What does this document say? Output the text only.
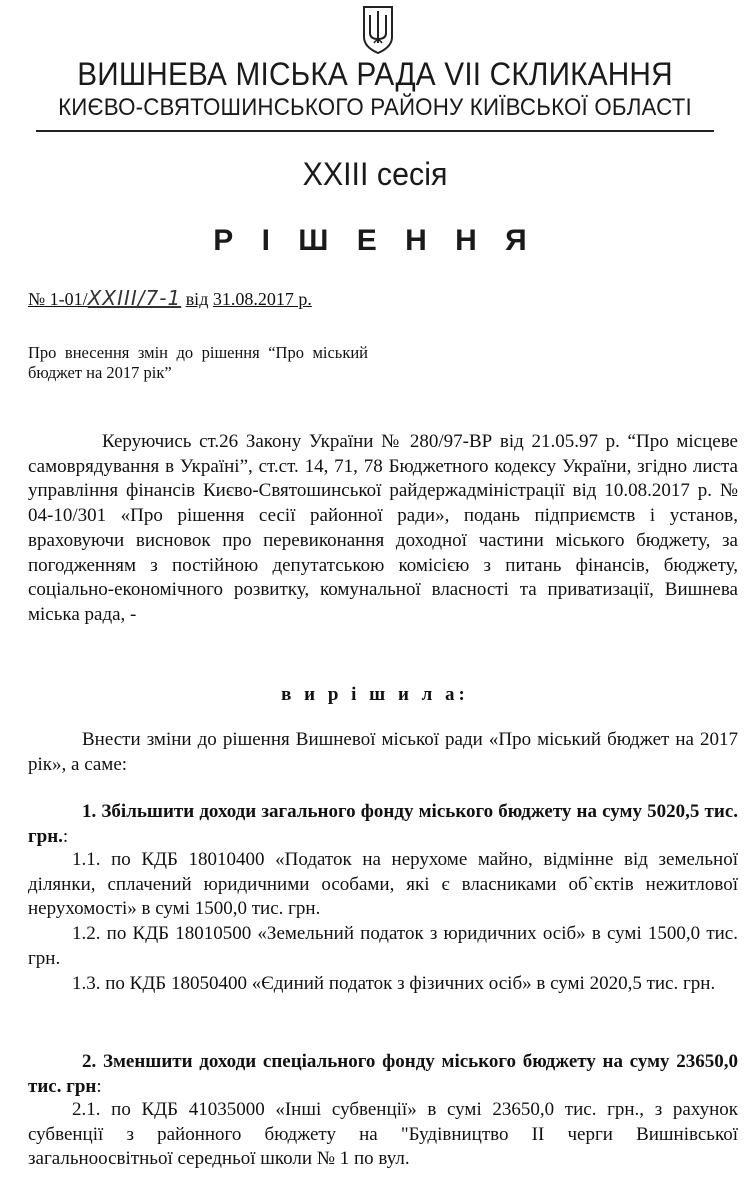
ВИШНЕВА МІСЬКА РАДА VII СКЛИКАННЯ
КИЄВО-СВЯТОШИНСЬКОГО РАЙОНУ КИЇВСЬКОЇ ОБЛАСТІ
XXIII сесія
Р І Ш Е Н Н Я
№ 1-01/XXIII/7-1 від 31.08.2017 р.
Про внесення змін до рішення “Про міський бюджет на 2017 рік”
Керуючись ст.26 Закону України № 280/97-ВР від 21.05.97 р. “Про місцеве самоврядування в Україні”, ст.ст. 14, 71, 78 Бюджетного кодексу України, згідно листа управління фінансів Києво-Святошинської райдержадміністрації від 10.08.2017 р. № 04-10/301 «Про рішення сесії районної ради», подань підприємств і установ, враховуючи висновок про перевиконання доходної частини міського бюджету, за погодженням з постійною депутатською комісією з питань фінансів, бюджету, соціально-економічного розвитку, комунальної власності та приватизації, Вишнева міська рада, -
в и р і ш и л а:
Внести зміни до рішення Вишневої міської ради «Про міський бюджет на 2017 рік», а саме:
1. Збільшити доходи загального фонду міського бюджету на суму 5020,5 тис. грн.:
1.1. по КДБ 18010400 «Податок на нерухоме майно, відмінне від земельної ділянки, сплачений юридичними особами, які є власниками об`єктів нежитлової нерухомості» в сумі 1500,0 тис. грн.
1.2. по КДБ 18010500 «Земельний податок з юридичних осіб» в сумі 1500,0 тис. грн.
1.3. по КДБ 18050400 «Єдиний податок з фізичних осіб» в сумі 2020,5 тис. грн.
2. Зменшити доходи спеціального фонду міського бюджету на суму 23650,0 тис. грн:
2.1. по КДБ 41035000 «Інші субвенції» в сумі 23650,0 тис. грн., з рахунок субвенції з районного бюджету на "Будівництво ІІ черги Вишнівської загальноосвітньої середньої школи № 1 по вул.
